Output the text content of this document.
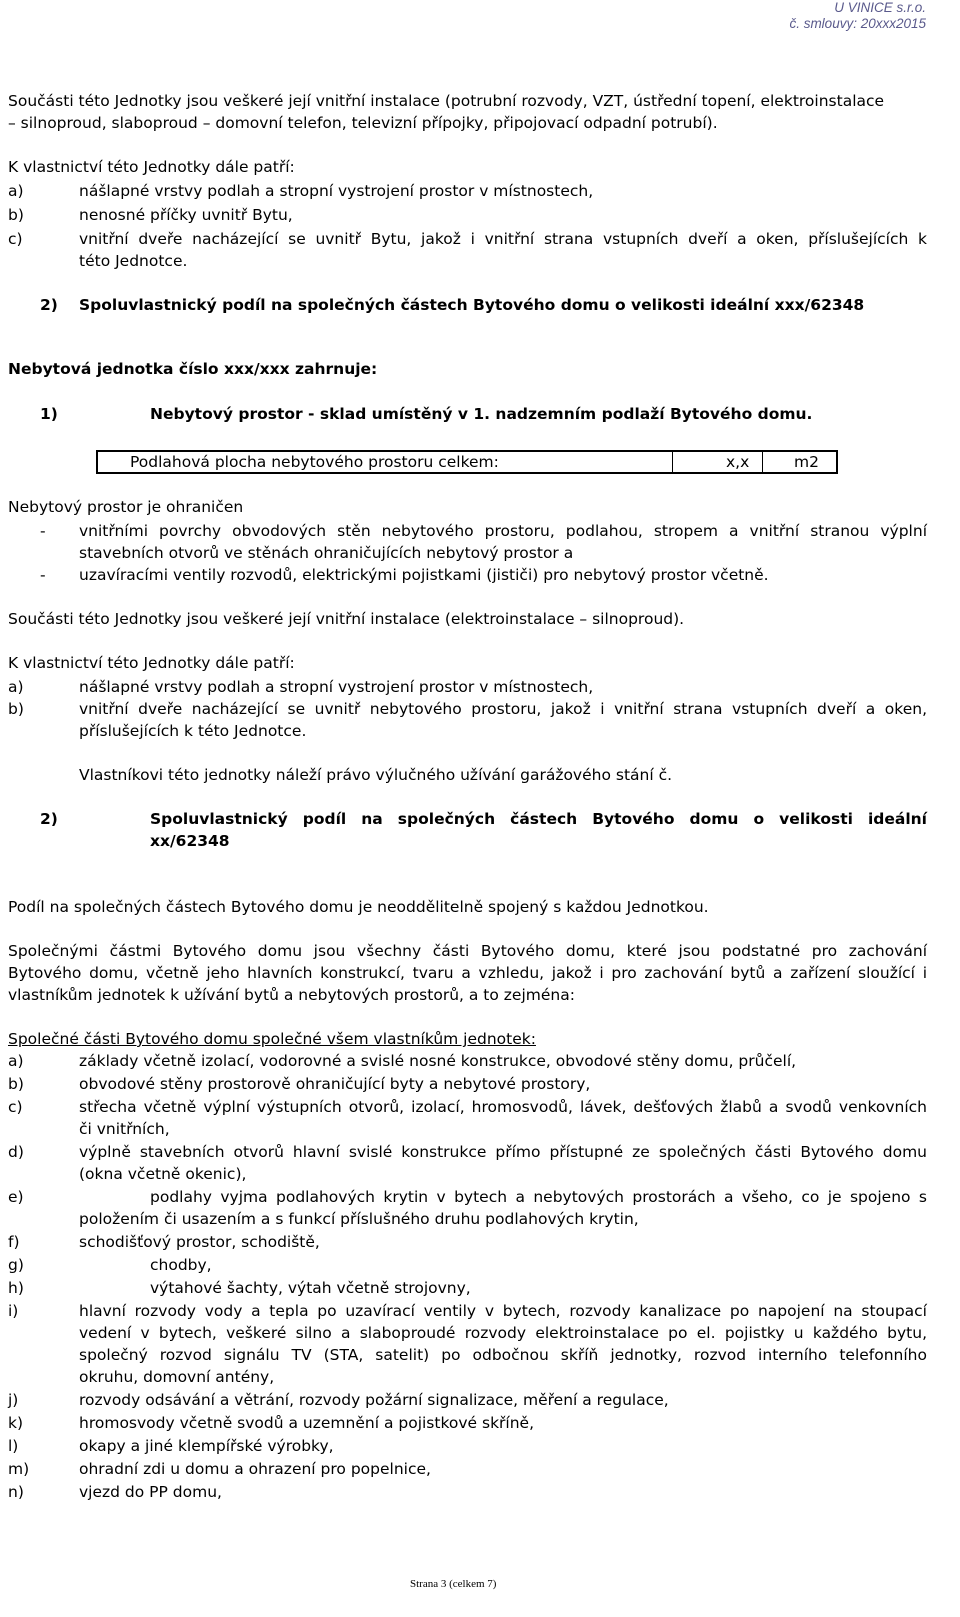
U VINICE s.r.o.
č. smlouvy: 20xxx2015
Součásti této Jednotky jsou veškeré její vnitřní instalace (potrubní rozvody, VZT, ústřední topení, elektroinstalace
– silnoproud, slaboproud – domovní telefon, televizní přípojky, připojovací odpadní potrubí).
K vlastnictví této Jednotky dále patří:
a)	nášlapné vrstvy podlah a stropní vystrojení prostor v místnostech,
b)	nenosné příčky uvnitř Bytu,
c)	vnitřní dveře nacházející se uvnitř Bytu, jakož i vnitřní strana vstupních dveří a oken, příslušejících k
této Jednotce.
2) Spoluvlastnický podíl na společných částech Bytového domu o velikosti ideální xxx/62348
Nebytová jednotka číslo xxx/xxx zahrnuje:
1)	Nebytový prostor - sklad umístěný v 1. nadzemním podlaží Bytového domu.
Podlahová plocha nebytového prostoru celkem:	x,x	m2
Nebytový prostor je ohraničen
- vnitřními povrchy obvodových stěn nebytového prostoru, podlahou, stropem a vnitřní stranou výplní
stavebních otvorů ve stěnách ohraničujících nebytový prostor a
- uzavíracími ventily rozvodů, elektrickými pojistkami (jističi) pro nebytový prostor včetně.
Součásti této Jednotky jsou veškeré její vnitřní instalace (elektroinstalace – silnoproud).
K vlastnictví této Jednotky dále patří:
a)	nášlapné vrstvy podlah a stropní vystrojení prostor v místnostech,
b)	vnitřní dveře nacházející se uvnitř nebytového prostoru, jakož i vnitřní strana vstupních dveří a oken,
příslušejících k této Jednotce.
Vlastníkovi této jednotky náleží právo výlučného užívání garážového stání č.
2)	Spoluvlastnický podíl na společných částech Bytového domu o velikosti ideální
xx/62348
Podíl na společných částech Bytového domu je neoddělitelně spojený s každou Jednotkou.
Společnými částmi Bytového domu jsou všechny části Bytového domu, které jsou podstatné pro zachování
Bytového domu, včetně jeho hlavních konstrukcí, tvaru a vzhledu, jakož i pro zachování bytů a zařízení sloužící i
vlastníkům jednotek k užívání bytů a nebytových prostorů, a to zejména:
Společné části Bytového domu společné všem vlastníkům jednotek:
a)	základy včetně izolací, vodorovné a svislé nosné konstrukce, obvodové stěny domu, průčelí,
b)	obvodové stěny prostorově ohraničující byty a nebytové prostory,
c)	střecha včetně výplní výstupních otvorů, izolací, hromosvodů, lávek, dešťových žlabů a svodů venkovních
či vnitřních,
d)	výplně stavebních otvorů hlavní svislé konstrukce přímo přístupné ze společných části Bytového domu
(okna včetně okenic),
e)	podlahy vyjma podlahových krytin v bytech a nebytových prostorách a všeho, co je spojeno s
položením či usazením a s funkcí příslušného druhu podlahových krytin,
f)	schodišťový prostor, schodiště,
g)	chodby,
h)	výtahové šachty, výtah včetně strojovny,
i)	hlavní rozvody vody a tepla po uzavírací ventily v bytech, rozvody kanalizace po napojení na stoupací
vedení v bytech, veškeré silno a slaboproudé rozvody elektroinstalace po el. pojistky u každého bytu,
společný rozvod signálu TV (STA, satelit) po odbočnou skříň jednotky, rozvod interního telefonního
okruhu, domovní antény,
j)	rozvody odsávání a větrání, rozvody požární signalizace, měření a regulace,
k)	hromosvody včetně svodů a uzemnění a pojistkové skříně,
l)	okapy a jiné klempířské výrobky,
m)	ohradní zdi u domu a ohrazení pro popelnice,
n)	vjezd do PP domu,
Strana 3 (celkem 7)
